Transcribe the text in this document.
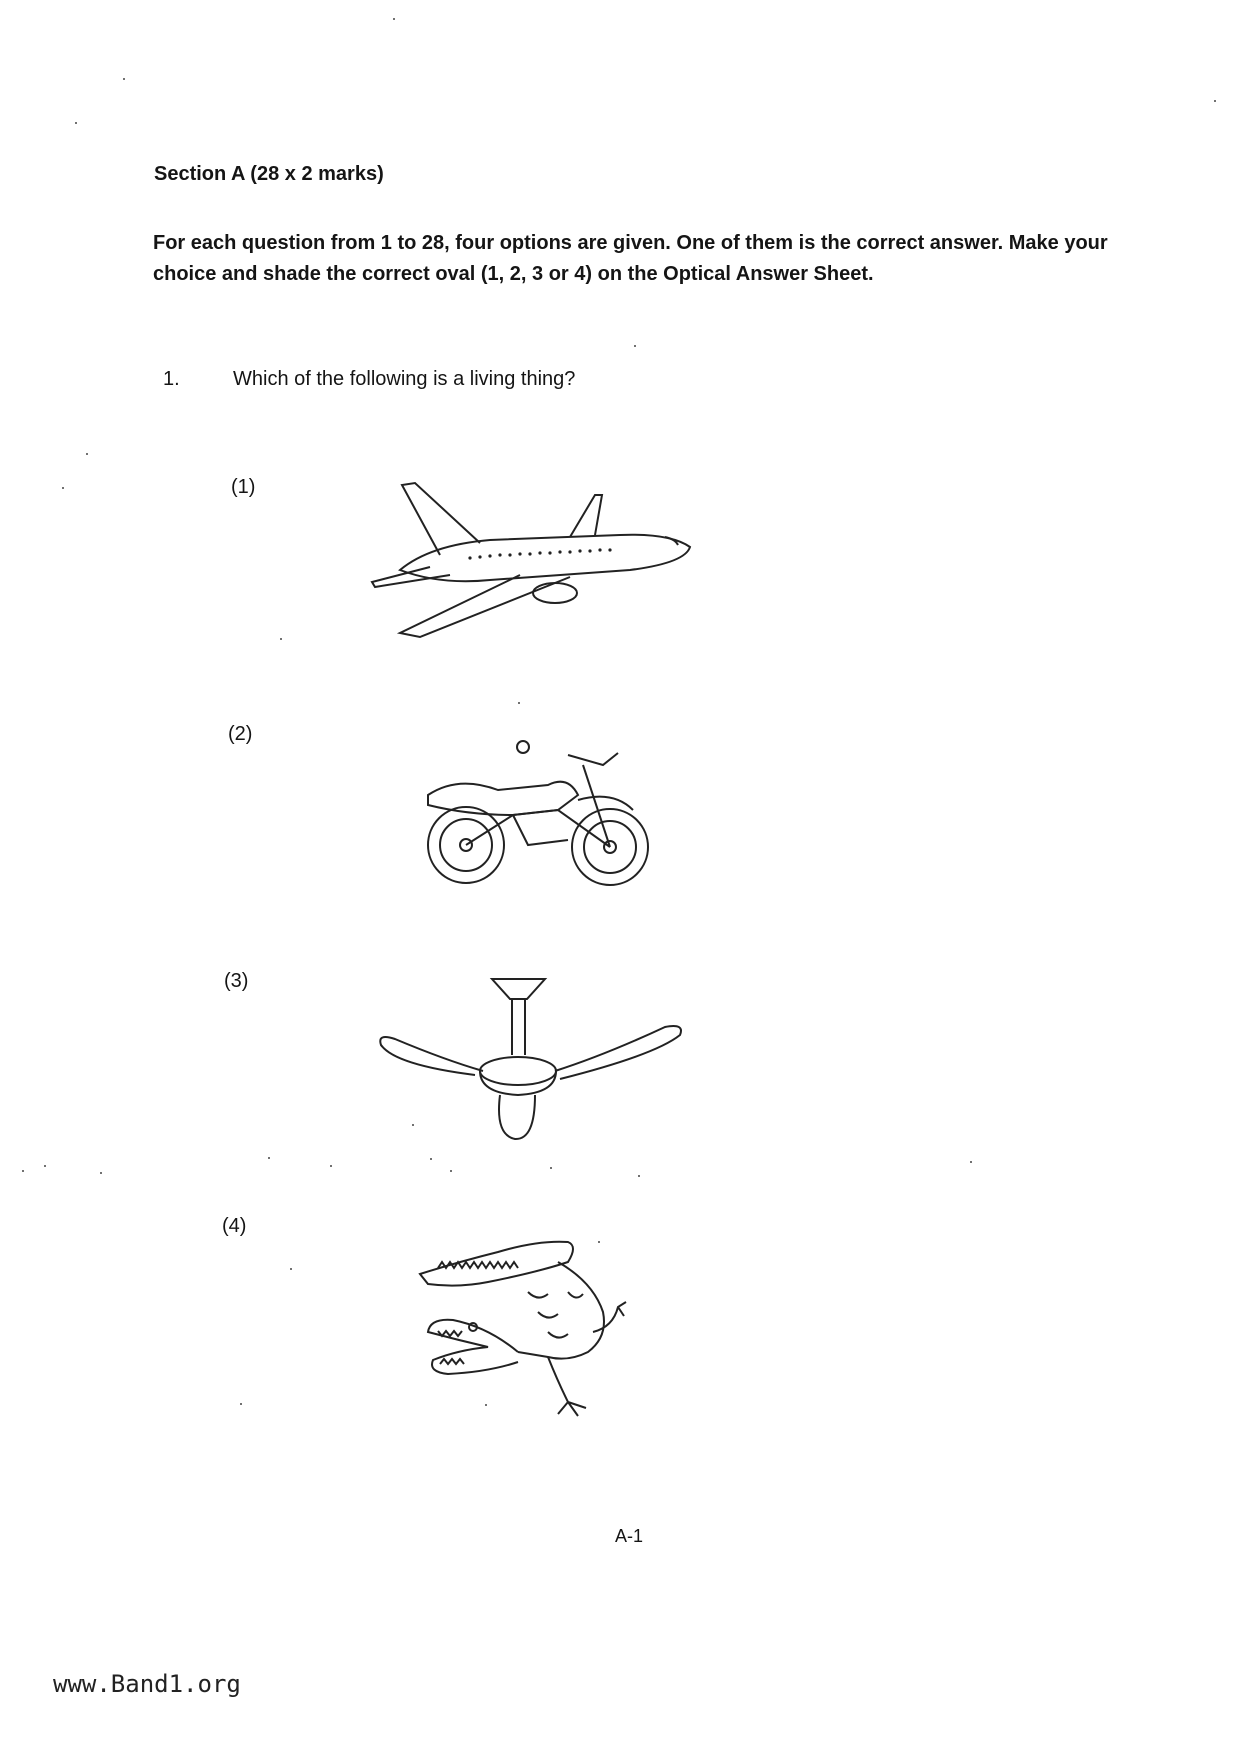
Section A (28 x 2 marks)
For each question from 1 to 28, four options are given. One of them is the correct answer. Make your choice and shade the correct oval (1, 2, 3 or 4) on the Optical Answer Sheet.
1.	Which of the following is a living thing?
(1)
(2)
(3)
(4)
A-1
www.Band1.org
